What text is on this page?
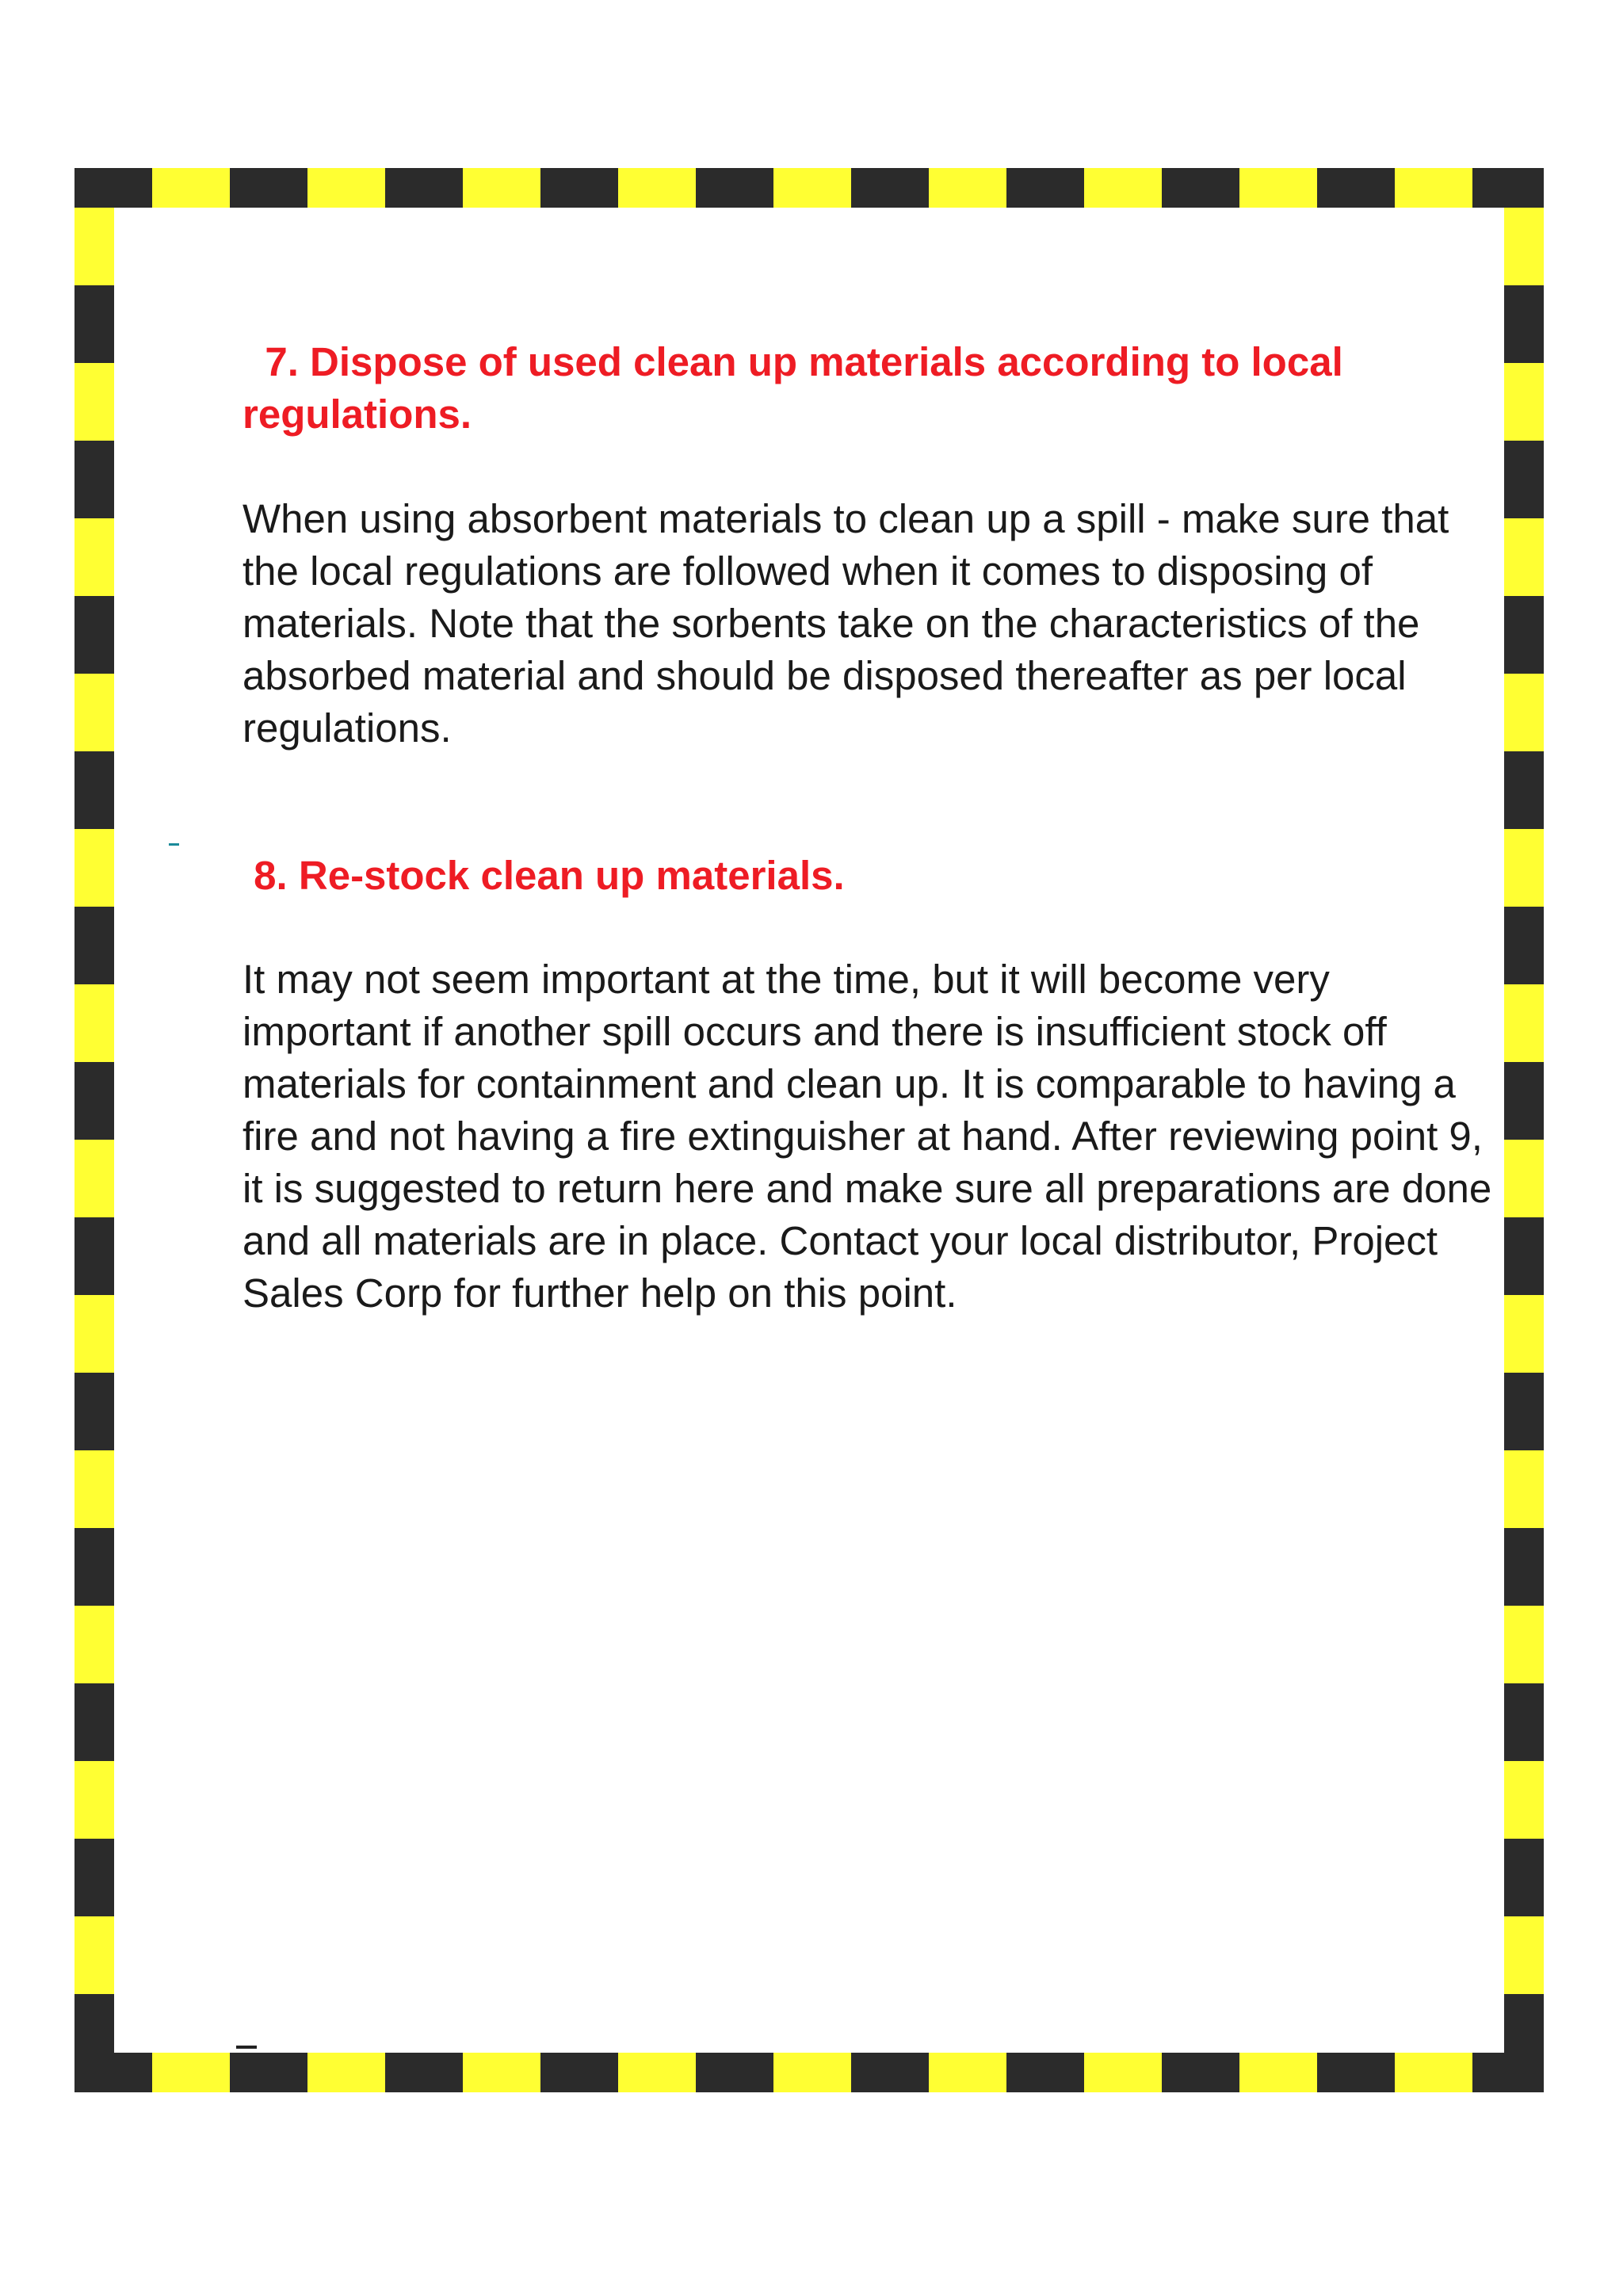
7. Dispose of used clean up materials according to local  regulations.

When using absorbent materials to clean up a spill - make sure that the local regulations are followed when it comes to disposing of materials. Note that the sorbents take on the characteristics of the absorbed material and should be disposed thereafter as per local regulations.

8. Re-stock clean up materials.

It may not seem important at the time, but it will become very important if another spill occurs and there is insufficient stock off materials for containment and clean up. It is comparable to having a fire and not having a fire extinguisher at hand. After reviewing point 9, it is suggested to return here and make sure all preparations are done and all materials are in place. Contact your local distributor, Project Sales Corp for further help on this point.
